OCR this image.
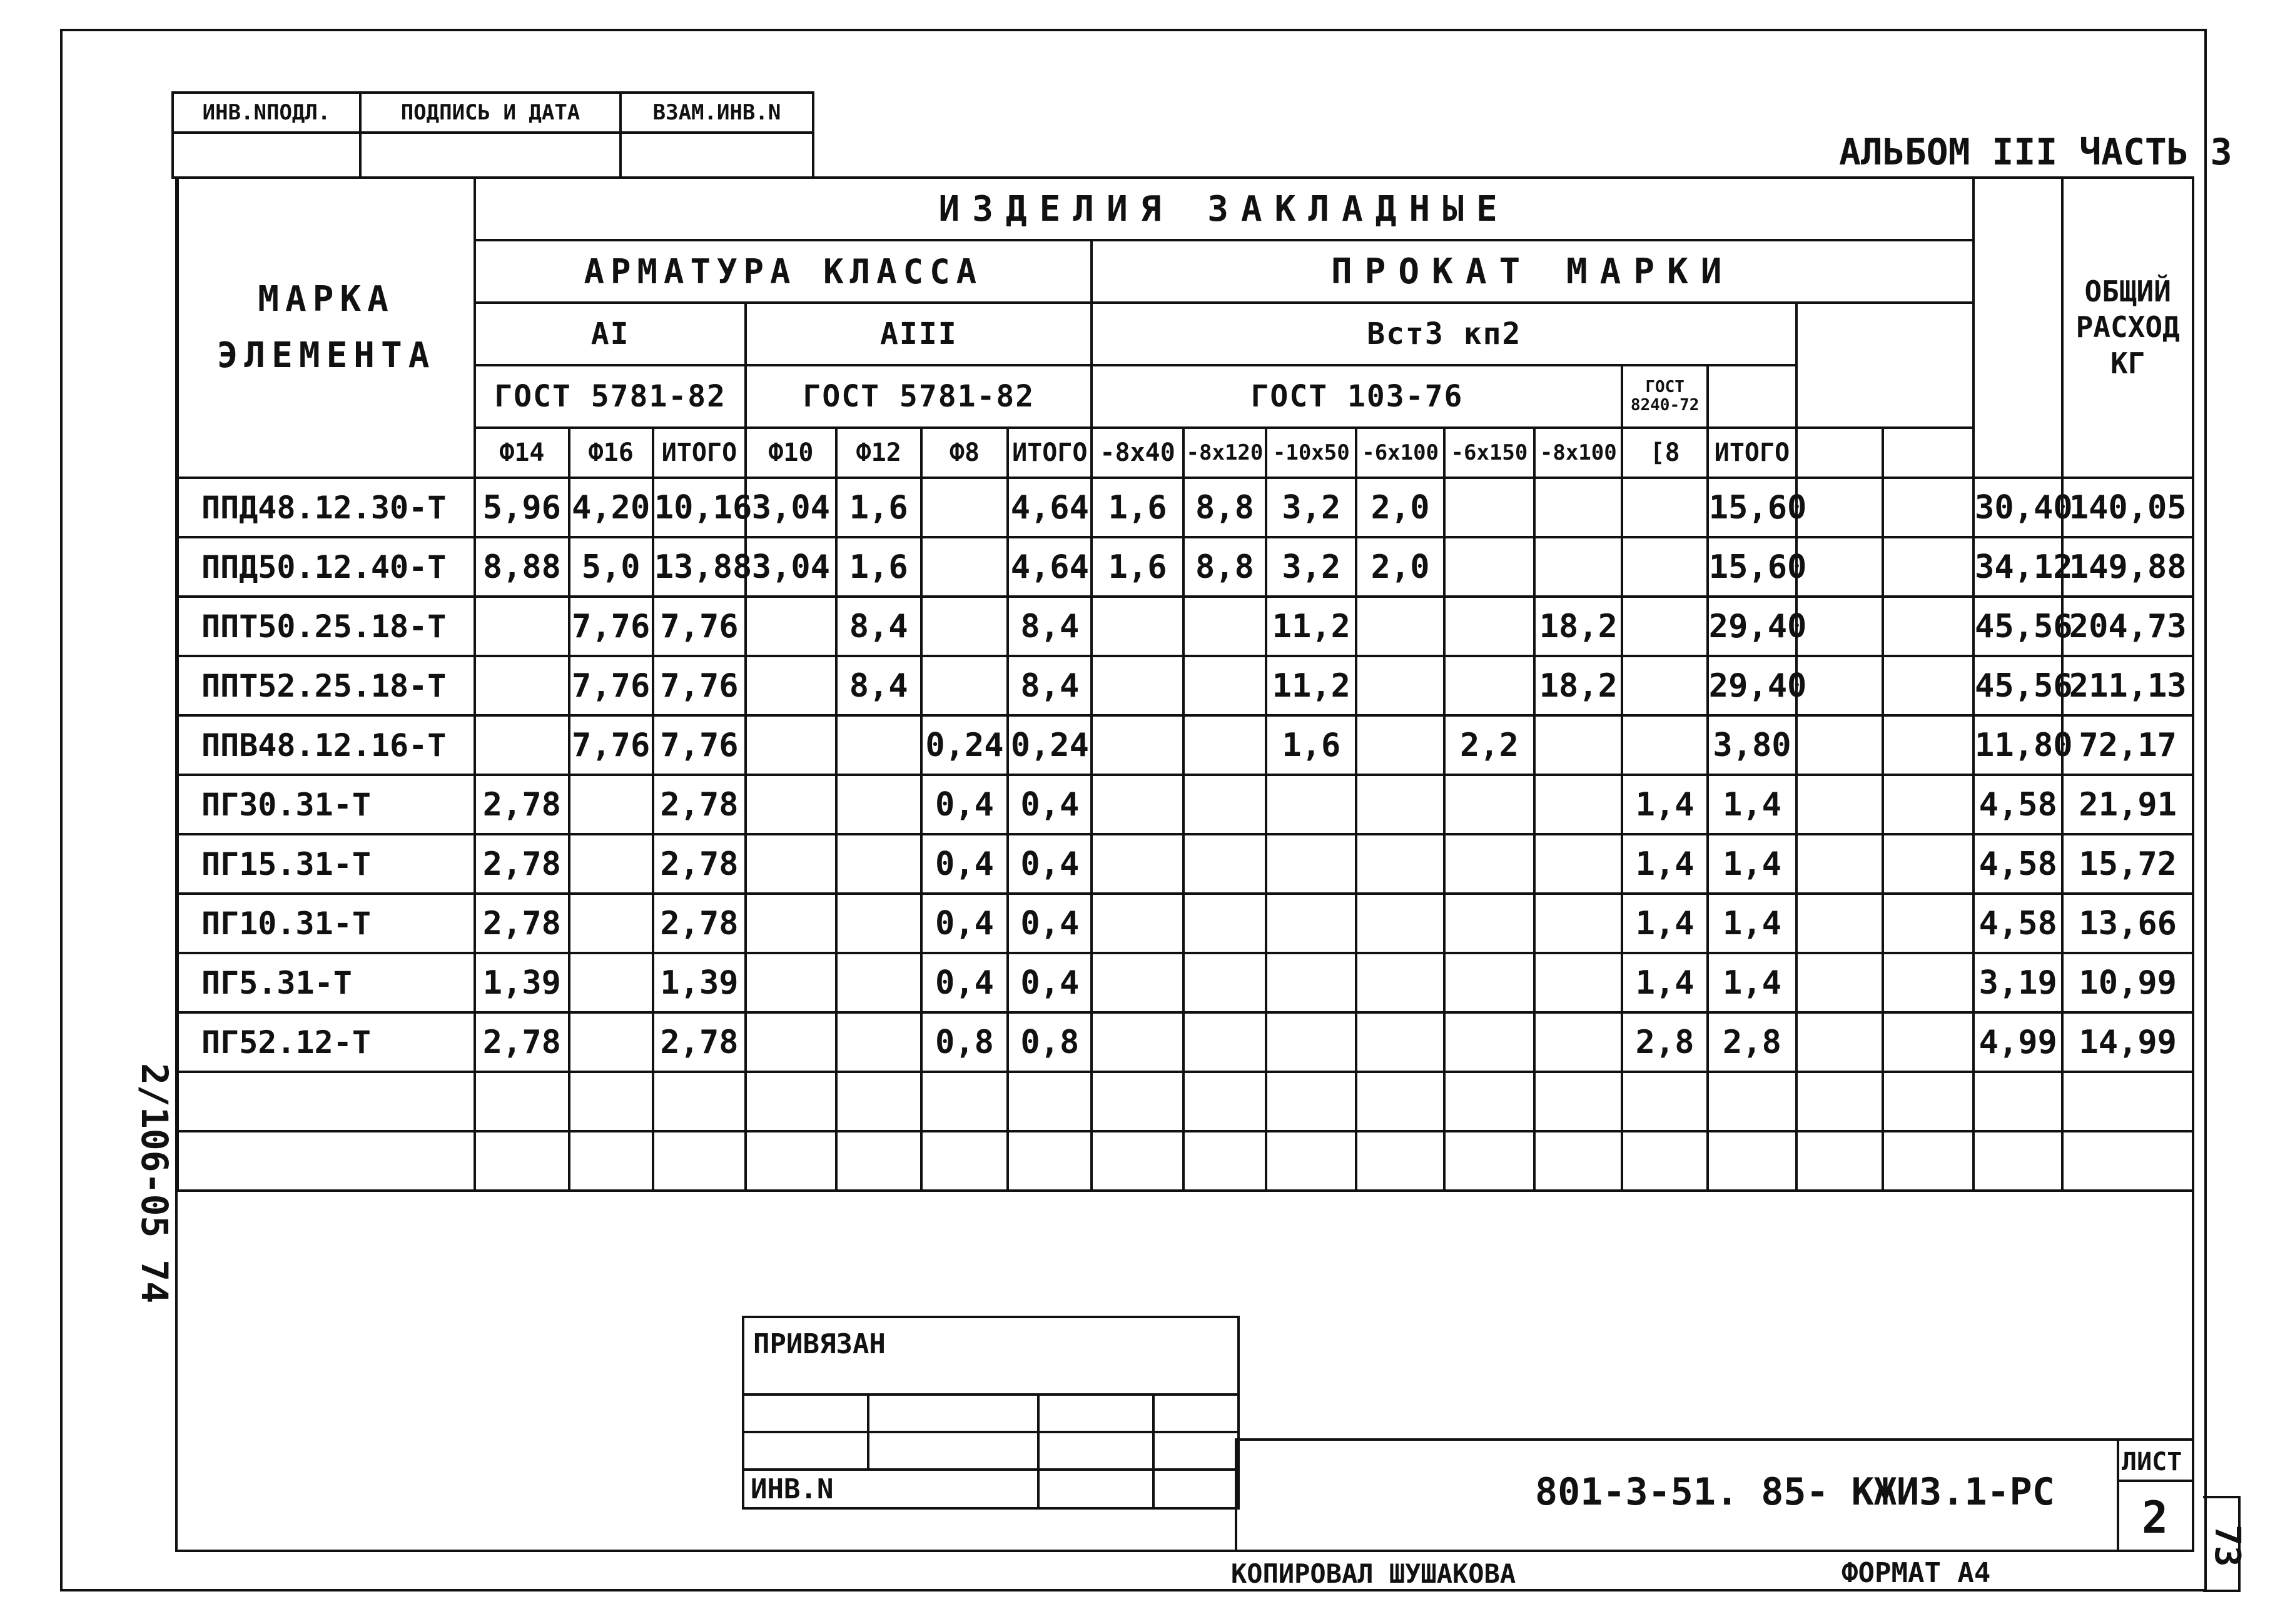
ИНВ.NПОДЛ.	ПОДПИСЬ И ДАТА	ВЗАМ.ИНВ.N

АЛЬБОМ III ЧАСТЬ 3
2/106-05 74
МАРКА ЭЛЕМЕНТА	ИЗДЕЛИЯ ЗАКЛАДНЫЕ																		ОБЩИЙ РАСХОД КГ
	АРМАТУРА КЛАССА							ПРОКАТ МАРКИ											
	АI			АIII				Вст3 кп2											
	ГОСТ 5781-82			ГОСТ 5781-82				ГОСТ 103-76						ГОСТ 8240-72					
	Ф14	Ф16	ИТОГО	Ф10	Ф12	Ф8	ИТОГО	-8х40	-8х120	-10х50	-6х100	-6х150	-8х100	[8	ИТОГО				
ППД48.12.30-Т	5,96	4,20	10,16	3,04	1,6		4,64	1,6	8,8	3,2	2,0				15,60			30,40	140,05
ППД50.12.40-Т	8,88	5,0	13,88	3,04	1,6		4,64	1,6	8,8	3,2	2,0				15,60			34,12	149,88
ППТ50.25.18-Т		7,76	7,76		8,4		8,4			11,2			18,2		29,40			45,56	204,73
ППТ52.25.18-Т		7,76	7,76		8,4		8,4			11,2			18,2		29,40			45,56	211,13
ППВ48.12.16-Т		7,76	7,76			0,24	0,24			1,6		2,2			3,80			11,80	72,17
ПГ30.31-Т	2,78		2,78			0,4	0,4							1,4	1,4			4,58	21,91
ПГ15.31-Т	2,78		2,78			0,4	0,4							1,4	1,4			4,58	15,72
ПГ10.31-Т	2,78		2,78			0,4	0,4							1,4	1,4			4,58	13,66
ПГ5.31-Т	1,39		1,39			0,4	0,4							1,4	1,4			3,19	10,99
ПГ52.12-Т	2,78		2,78			0,8	0,8							2,8	2,8			4,99	14,99

ПРИВЯЗАН			

ИНВ.N				801-3-51. 85- КЖИ3.1-РС
ЛИСТ
2
КОПИРОВАЛ ШУШАКОВА	ФОРМАТ А4
73
